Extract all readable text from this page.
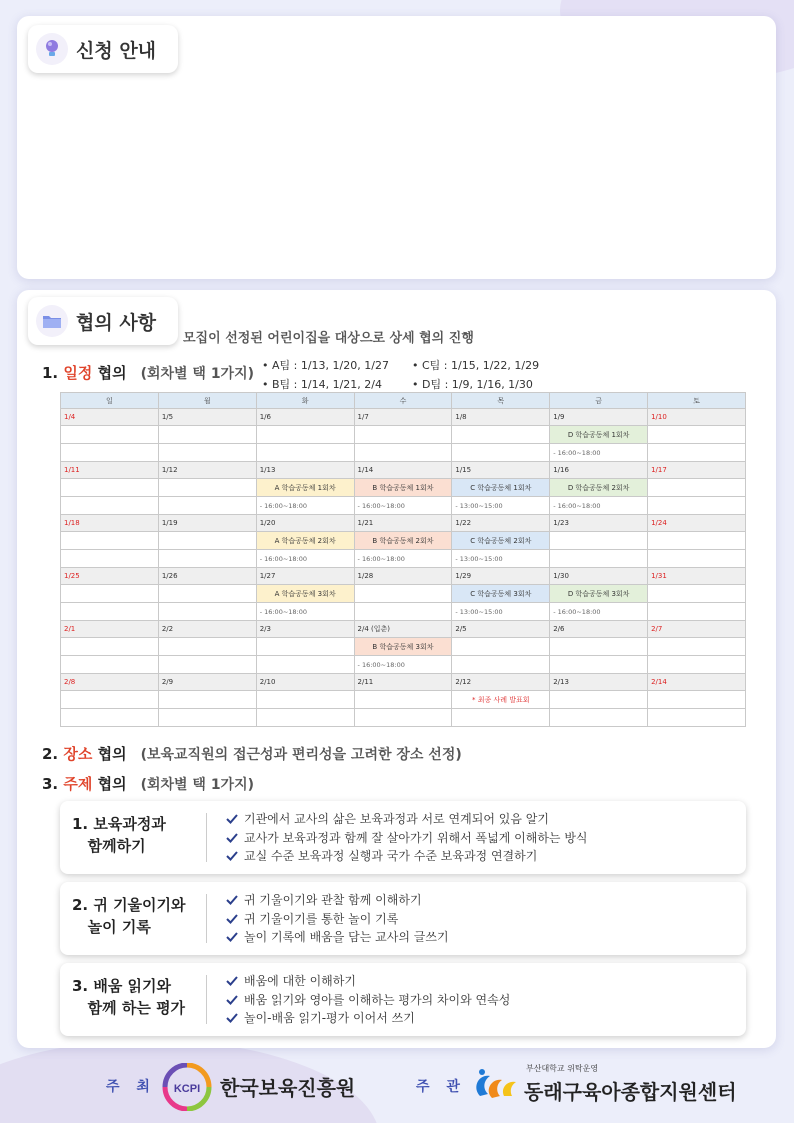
신청 안내
협의 사항
모집이 선정된 어린이집을 대상으로 상세 협의 진행
1.
일정
협의 (회차별 택 1가지)
• A팀 : 1/13, 1/20, 1/27	• C팀 : 1/15, 1/22, 1/29
• B팀 : 1/14, 1/21, 2/4	• D팀 : 1/9, 1/16, 1/30
일	월	화	수	목	금	토
1/4	1/5	1/6	1/7	1/8	1/9	1/10
					D 학습공동체 1회차	
					- 16:00~18:00	
1/11	1/12	1/13	1/14	1/15	1/16	1/17
		A 학습공동체 1회차	B 학습공동체 1회차	C 학습공동체 1회차	D 학습공동체 2회차	
		- 16:00~18:00	- 16:00~18:00	- 13:00~15:00	- 16:00~18:00	
1/18	1/19	1/20	1/21	1/22	1/23	1/24
		A 학습공동체 2회차	B 학습공동체 2회차	C 학습공동체 2회차		
		- 16:00~18:00	- 16:00~18:00	- 13:00~15:00		
1/25	1/26	1/27	1/28	1/29	1/30	1/31
		A 학습공동체 3회차		C 학습공동체 3회차	D 학습공동체 3회차	
		- 16:00~18:00		- 13:00~15:00	- 16:00~18:00	
2/1	2/2	2/3	2/4 (입춘)	2/5	2/6	2/7
			B 학습공동체 3회차			
			- 16:00~18:00			
2/8	2/9	2/10	2/11	2/12	2/13	2/14
				* 최종 사례 발표회		

2.
장소
협의 (보육교직원의 접근성과 편리성을 고려한 장소 선정)
3.
주제
협의 (회차별 택 1가지)
1. 보육과정과
함께하기
기관에서 교사의 삶은 보육과정과 서로 연계되어 있음 알기
교사가 보육과정과 함께 잘 살아가기 위해서 폭넓게 이해하는 방식
교실 수준 보육과정 실행과 국가 수준 보육과정 연결하기
2. 귀 기울이기와
놀이 기록
귀 기울이기와 관찰 함께 이해하기
귀 기울이기를 통한 놀이 기록
놀이 기록에 배움을 담는 교사의 글쓰기
3. 배움 읽기와
함께 하는 평가
배움에 대한 이해하기
배움 읽기와 영아를 이해하는 평가의 차이와 연속성
놀이-배움 읽기-평가 이어서 쓰기
주 최 KCPI 한국보육진흥원	주 관
부산대학교 위탁운영
동래구육아종합지원센터
